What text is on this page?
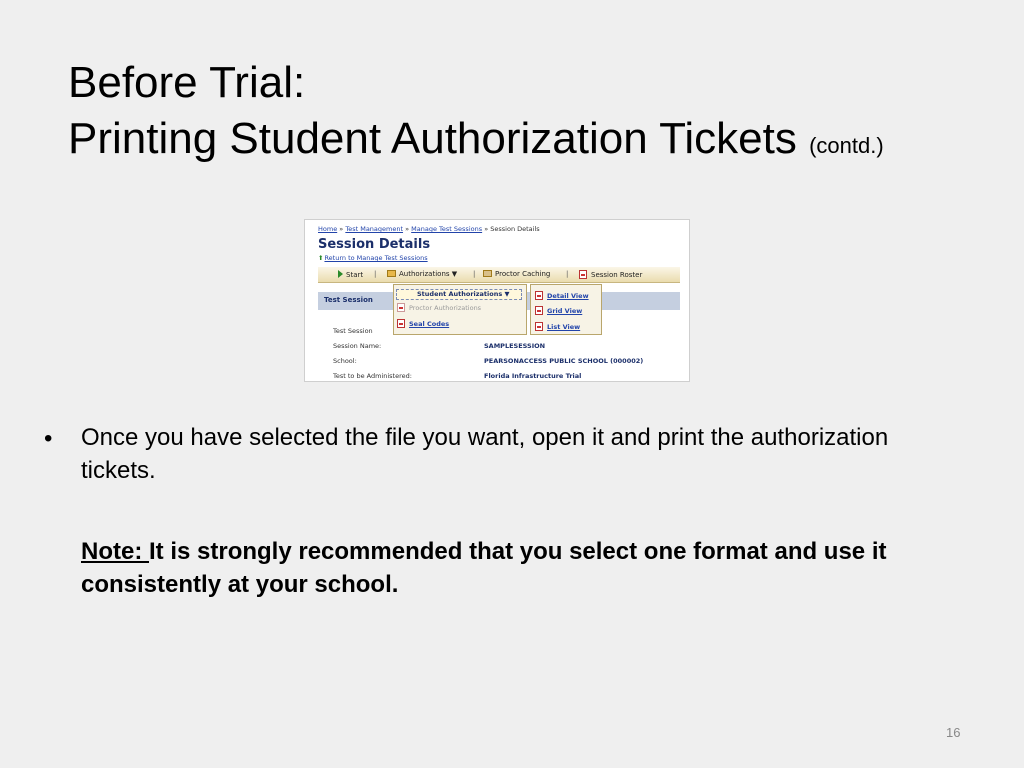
Before Trial:
Printing Student Authorization Tickets (contd.)
Home » Test Management » Manage Test Sessions » Session Details
Session Details
⬆Return to Manage Test Sessions
Start |	Authorizations ▼ |	Proctor Caching |	Session Roster
Test Session
Student Authorizations ▼
Proctor Authorizations
Seal Codes
Detail View
Grid View
List View
Test Session
Session Name:	SAMPLESESSION
School:	PEARSONACCESS PUBLIC SCHOOL (000002)
Test to be Administered:	Florida Infrastructure Trial
• Once you have selected the file you want, open it and print the authorization tickets.
Note: It is strongly recommended that you select one format and use it consistently at your school.
16
